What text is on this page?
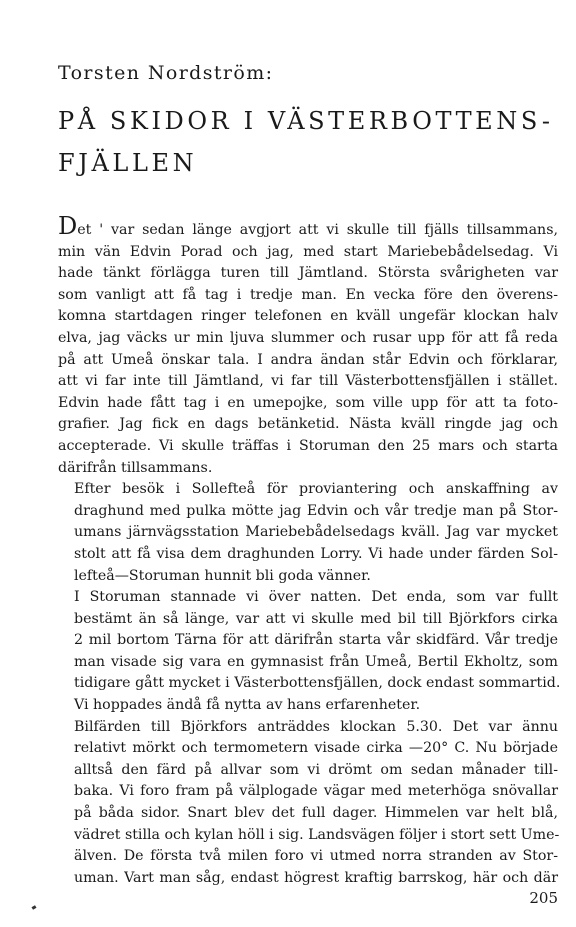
Torsten Nordström:
PÅ SKIDOR I VÄSTERBOTTENS-
FJÄLLEN

Det ' var sedan länge avgjort att vi skulle till fjälls tillsammans,
min vän Edvin Porad och jag, med start Mariebebådelsedag. Vi
hade tänkt förlägga turen till Jämtland. Största svårigheten var
som vanligt att få tag i tredje man. En vecka före den överens-
komna startdagen ringer telefonen en kväll ungefär klockan halv
elva, jag väcks ur min ljuva slummer och rusar upp för att få reda
på att Umeå önskar tala. I andra ändan står Edvin och förklarar,
att vi far inte till Jämtland, vi far till Västerbottensfjällen i stället.
Edvin hade fått tag i en umepojke, som ville upp för att ta foto-
grafier. Jag fick en dags betänketid. Nästa kväll ringde jag och
accepterade. Vi skulle träffas i Storuman den 25 mars och starta
därifrån tillsammans.

Efter besök i Sollefteå för proviantering och anskaffning av
draghund med pulka mötte jag Edvin och vår tredje man på Stor-
umans järnvägsstation Mariebebådelsedags kväll. Jag var mycket
stolt att få visa dem draghunden Lorry. Vi hade under färden Sol-
lefteå—Storuman hunnit bli goda vänner.

I Storuman stannade vi över natten. Det enda, som var fullt
bestämt än så länge, var att vi skulle med bil till Björkfors cirka
2 mil bortom Tärna för att därifrån starta vår skidfärd. Vår tredje
man visade sig vara en gymnasist från Umeå, Bertil Ekholtz, som
tidigare gått mycket i Västerbottensfjällen, dock endast sommartid.
Vi hoppades ändå få nytta av hans erfarenheter.

Bilfärden till Björkfors anträddes klockan 5.30. Det var ännu
relativt mörkt och termometern visade cirka —20° C. Nu började
alltså den färd på allvar som vi drömt om sedan månader till-
baka. Vi foro fram på välplogade vägar med meterhöga snövallar
på båda sidor. Snart blev det full dager. Himmelen var helt blå,
vädret stilla och kylan höll i sig. Landsvägen följer i stort sett Ume-
älven. De första två milen foro vi utmed norra stranden av Stor-
uman. Vart man såg, endast högrest kraftig barrskog, här och där

205
